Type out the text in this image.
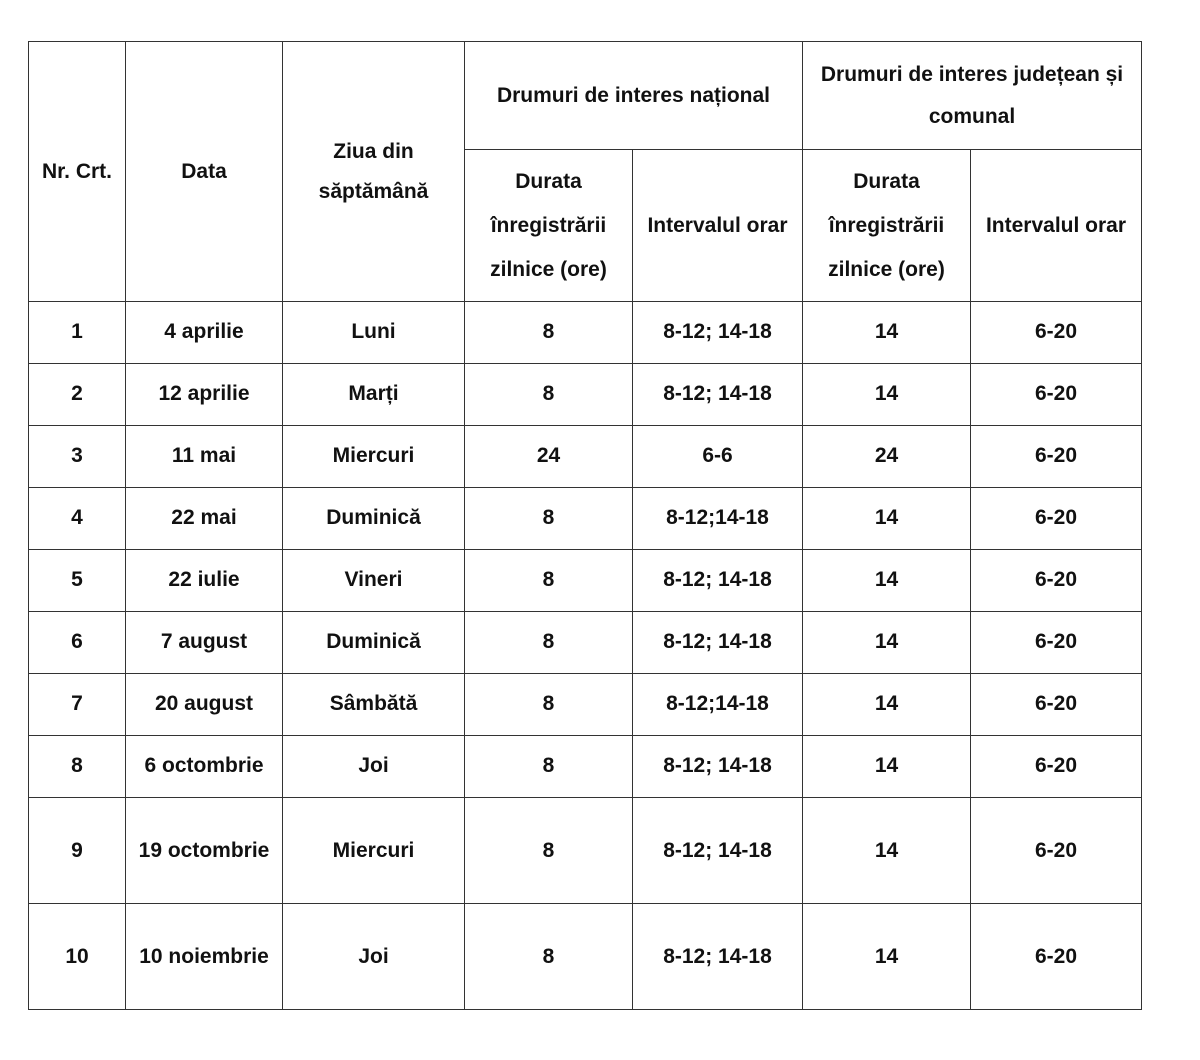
Nr. Crt.	Data	Ziua din săptămână	Drumuri de interes național		Drumuri de interes județean și comunal	
			Durata înregistrării zilnice (ore)	Intervalul orar	Durata înregistrării zilnice (ore)	Intervalul orar
1	4 aprilie	Luni	8	8-12; 14-18	14	6-20
2	12 aprilie	Marți	8	8-12; 14-18	14	6-20
3	11 mai	Miercuri	24	6-6	24	6-20
4	22 mai	Duminică	8	8-12;14-18	14	6-20
5	22 iulie	Vineri	8	8-12; 14-18	14	6-20
6	7 august	Duminică	8	8-12; 14-18	14	6-20
7	20 august	Sâmbătă	8	8-12;14-18	14	6-20
8	6 octombrie	Joi	8	8-12; 14-18	14	6-20
9	19 octombrie	Miercuri	8	8-12; 14-18	14	6-20
10	10 noiembrie	Joi	8	8-12; 14-18	14	6-20
